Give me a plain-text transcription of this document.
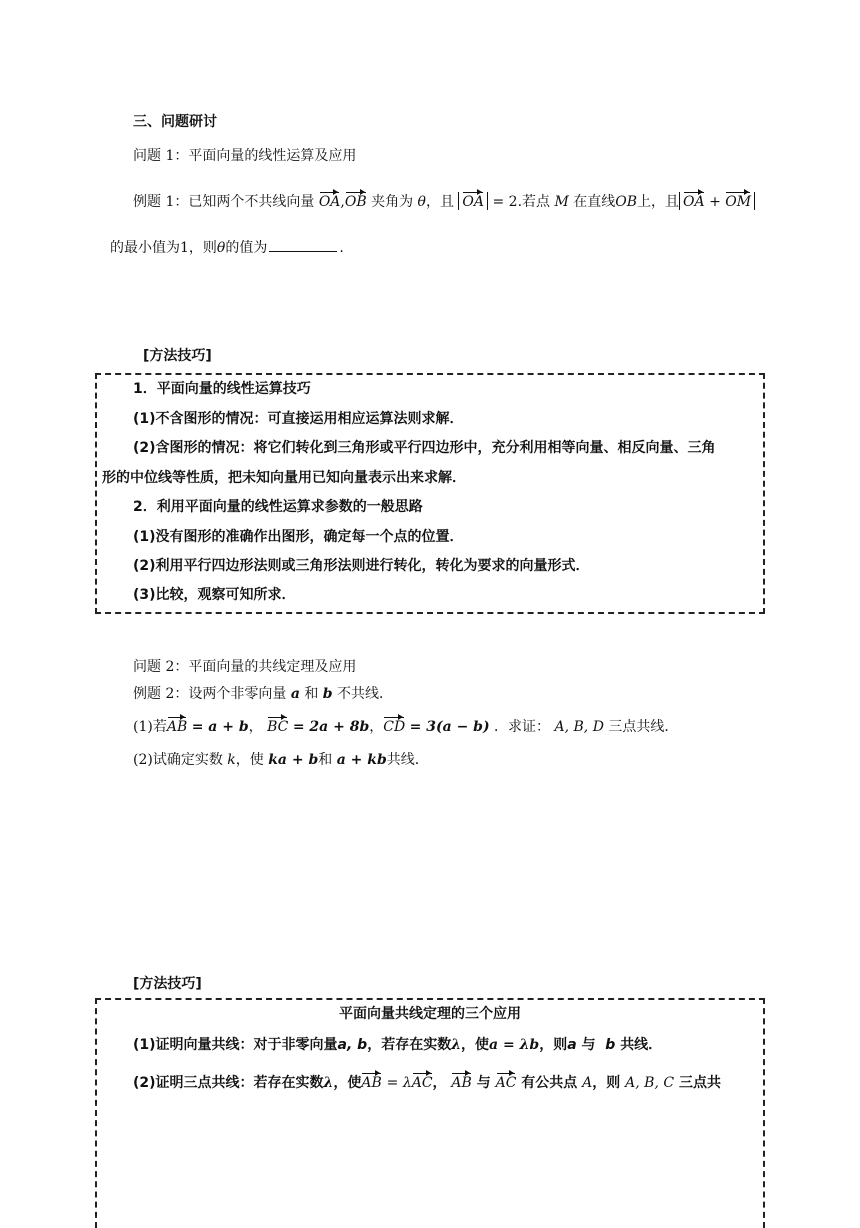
三、问题研讨
问题 1：平面向量的线性运算及应用
例题 1：已知两个不共线向量 OA,OB 夹角为 θ，且 OA = 2.若点 M 在直线OB上，且 OA + OM
的最小值为1，则θ的值为	.
[方法技巧]
1．平面向量的线性运算技巧
(1)不含图形的情况：可直接运用相应运算法则求解．
(2)含图形的情况：将它们转化到三角形或平行四边形中，充分利用相等向量、相反向量、三角
形的中位线等性质，把未知向量用已知向量表示出来求解．
2．利用平面向量的线性运算求参数的一般思路
(1)没有图形的准确作出图形，确定每一个点的位置．
(2)利用平行四边形法则或三角形法则进行转化，转化为要求的向量形式．
(3)比较，观察可知所求．
问题 2：平面向量的共线定理及应用
例题 2：设两个非零向量 a 和 b 不共线．
(1)若AB = a + b， BC = 2a + 8b，CD = 3(a − b) ．求证： A, B, D 三点共线．
(2)试确定实数 k，使 ka + b和 a + kb共线．
[方法技巧]
平面向量共线定理的三个应用
(1)证明向量共线：对于非零向量a, b，若存在实数λ，使a = λb，则a 与 b 共线．
(2)证明三点共线：若存在实数λ，使AB = λAC， AB 与 AC 有公共点 A，则 A, B, C 三点共
